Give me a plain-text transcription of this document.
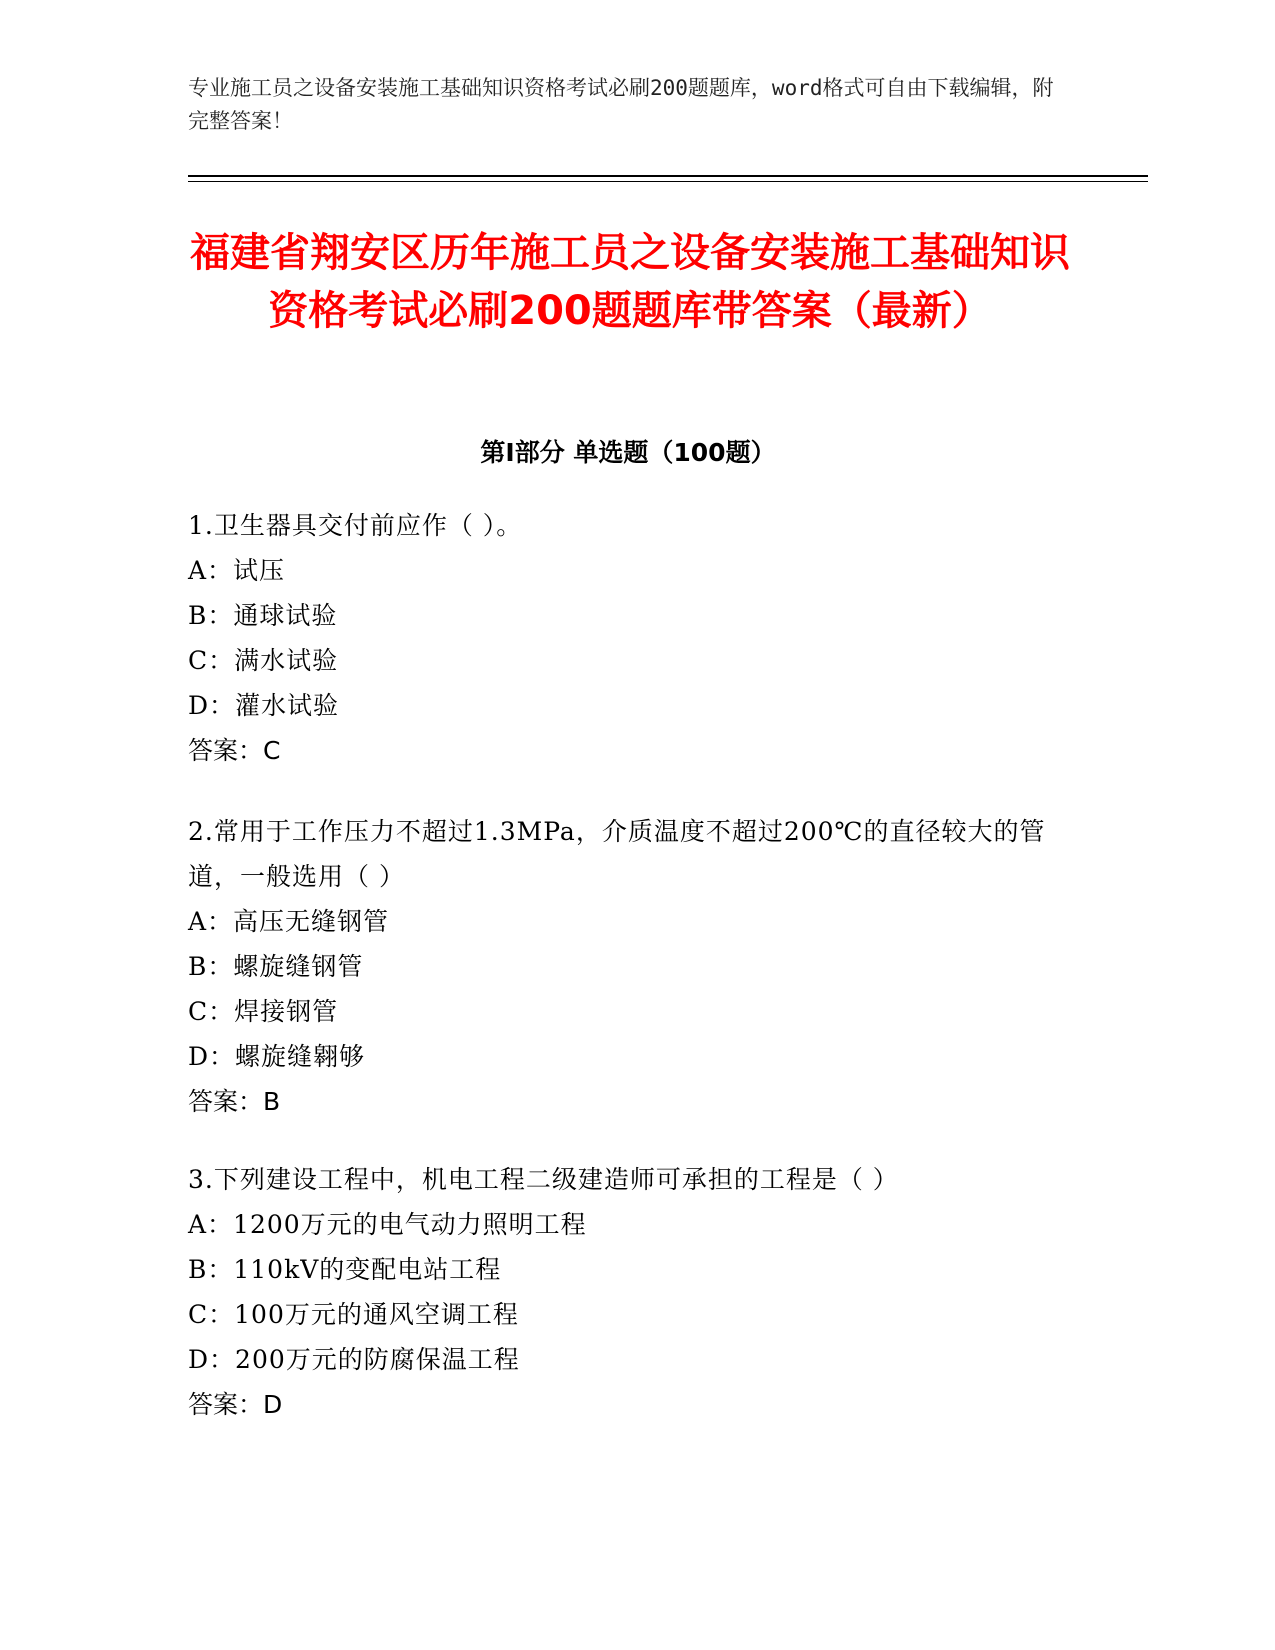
专业施工员之设备安装施工基础知识资格考试必刷200题题库，word格式可自由下载编辑，附完整答案！
福建省翔安区历年施工员之设备安装施工基础知识资格考试必刷200题题库带答案（最新）
第Ⅰ部分 单选题（100题）
1.卫生器具交付前应作（ ）。
A：试压
B：通球试验
C：满水试验
D：灌水试验
答案：C
2.常用于工作压力不超过1.3MPa，介质温度不超过200℃的直径较大的管道，一般选用（ ）
A：高压无缝钢管
B：螺旋缝钢管
C：焊接钢管
D：螺旋缝翱够
答案：B
3.下列建设工程中，机电工程二级建造师可承担的工程是（ ）
A：1200万元的电气动力照明工程
B：110kV的变配电站工程
C：100万元的通风空调工程
D：200万元的防腐保温工程
答案：D
